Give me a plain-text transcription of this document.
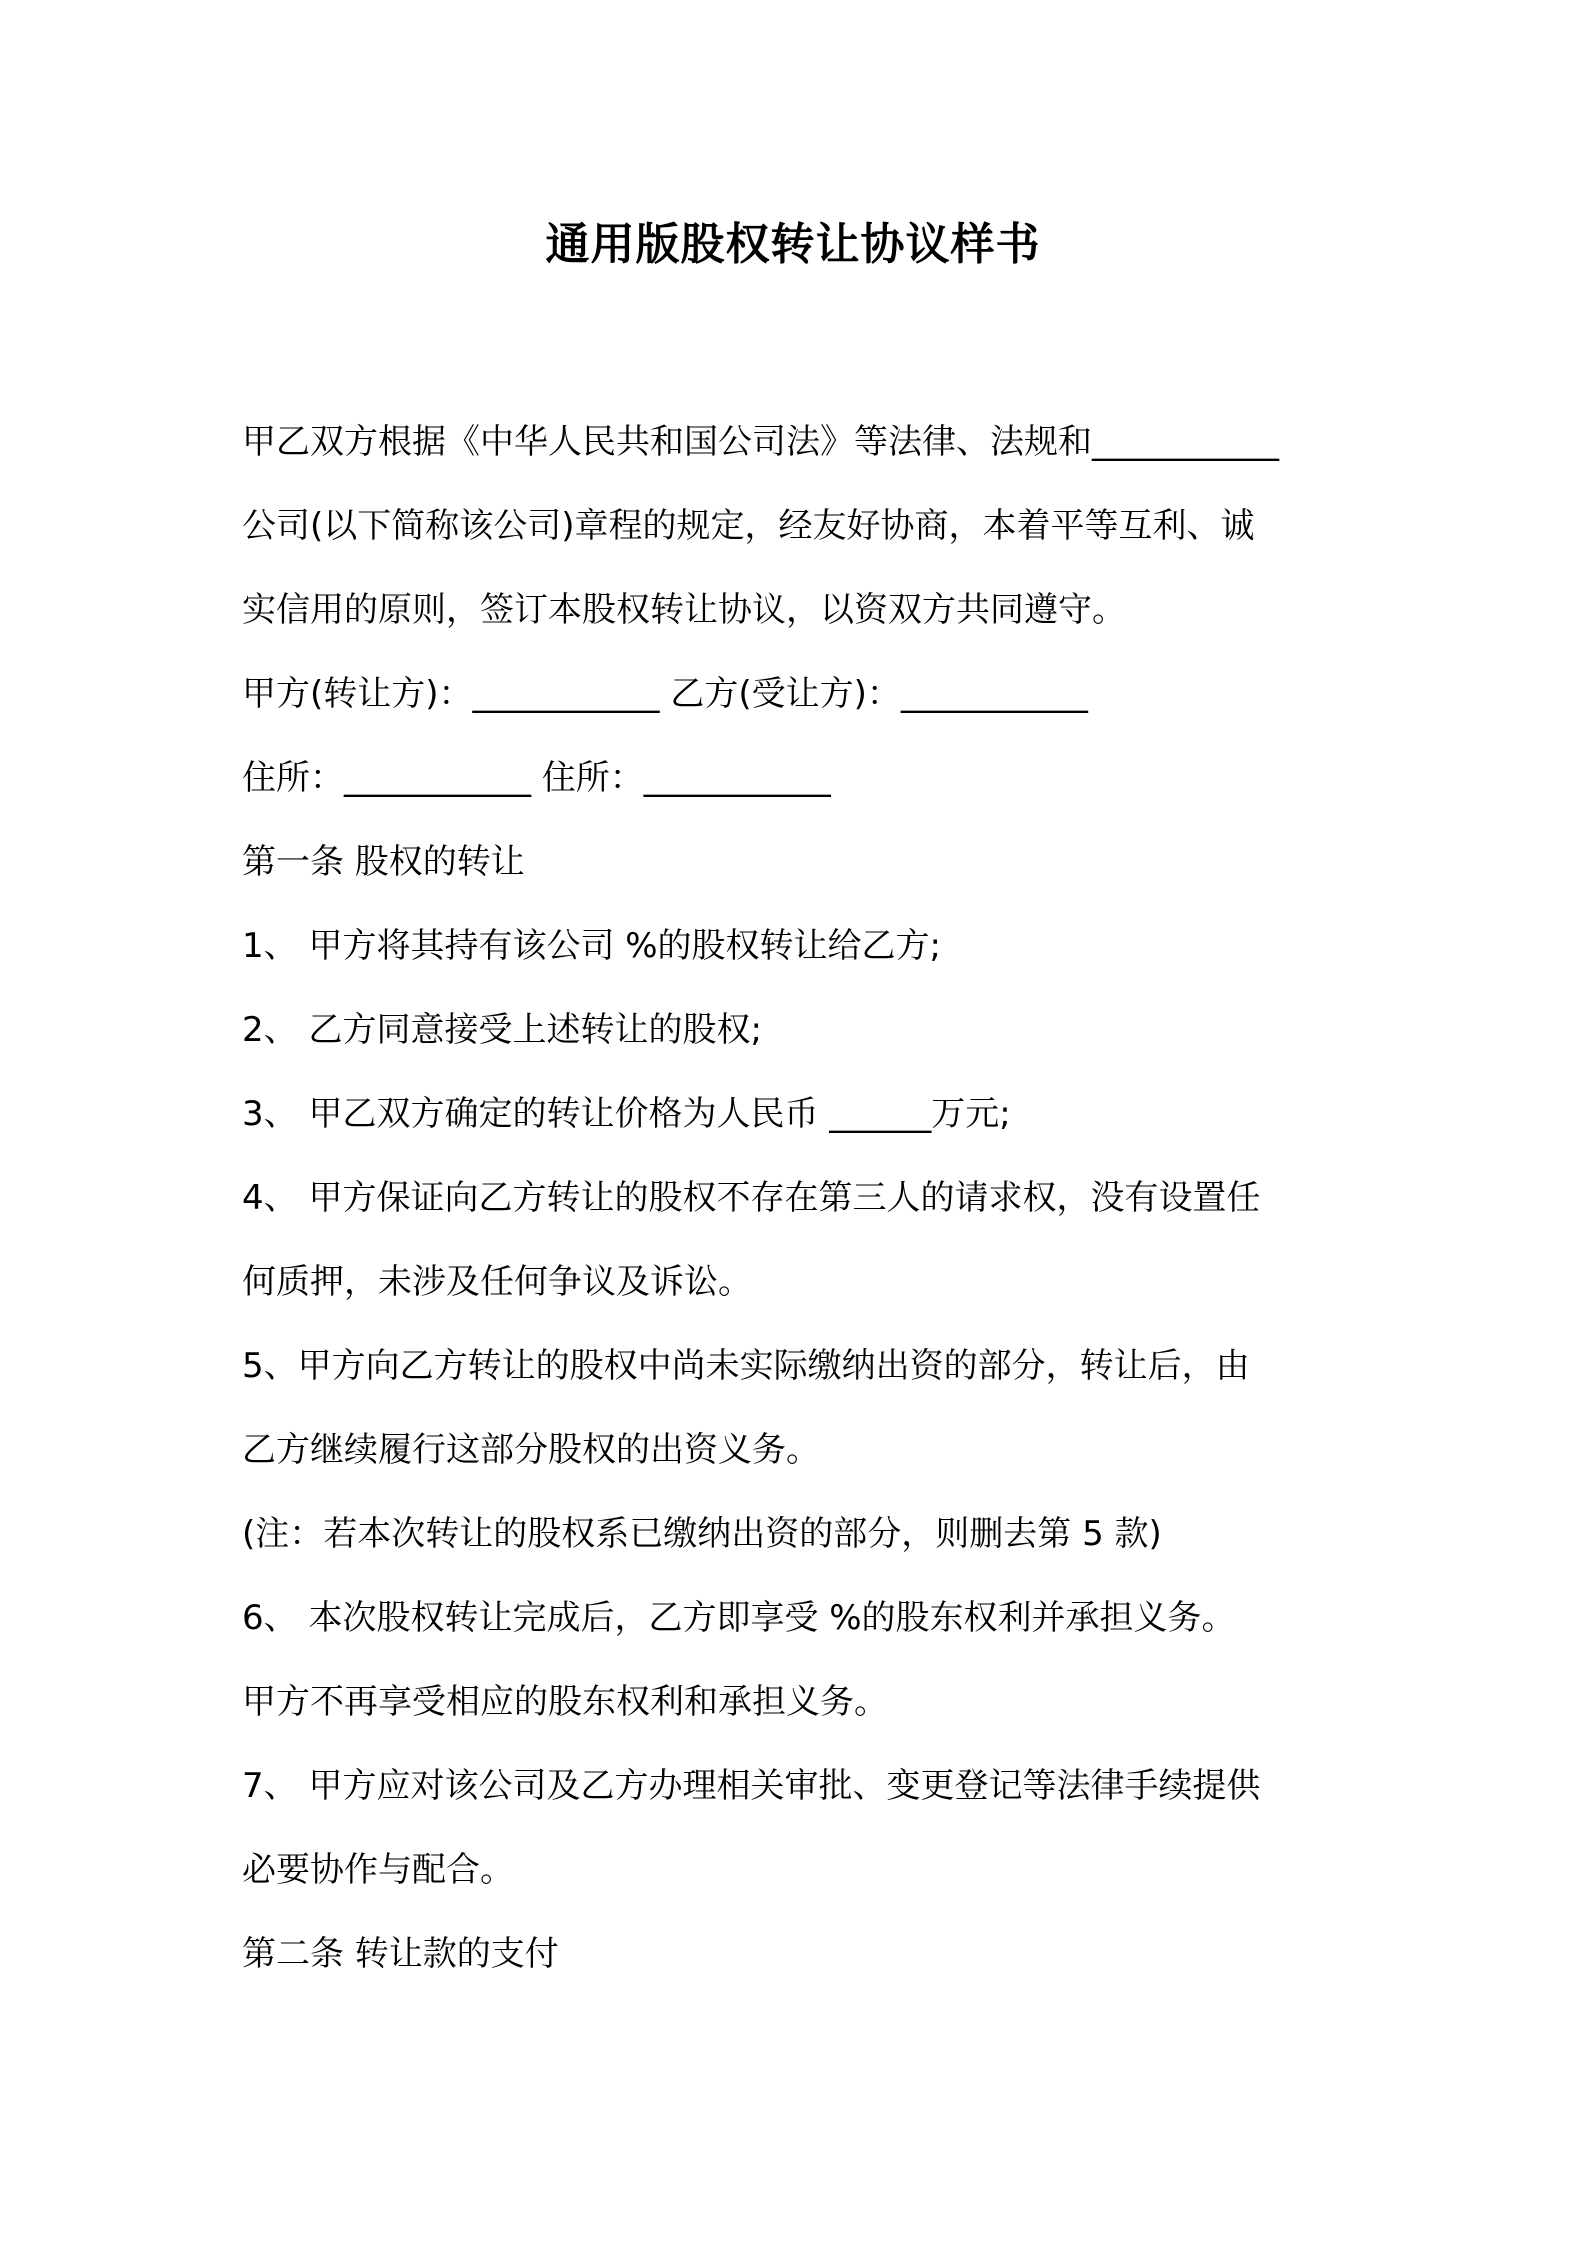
通用版股权转让协议样书
甲乙双方根据《中华人民共和国公司法》等法律、法规和___________
公司(以下简称该公司)章程的规定，经友好协商，本着平等互利、诚
实信用的原则，签订本股权转让协议，以资双方共同遵守。
甲方(转让方)：___________ 乙方(受让方)：___________
住所：___________ 住所：___________
第一条 股权的转让
1、 甲方将其持有该公司 %的股权转让给乙方;
2、 乙方同意接受上述转让的股权;
3、 甲乙双方确定的转让价格为人民币 ______万元;
4、 甲方保证向乙方转让的股权不存在第三人的请求权，没有设置任
何质押，未涉及任何争议及诉讼。
5、甲方向乙方转让的股权中尚未实际缴纳出资的部分，转让后，由
乙方继续履行这部分股权的出资义务。
(注：若本次转让的股权系已缴纳出资的部分，则删去第 5 款)
6、 本次股权转让完成后，乙方即享受 %的股东权利并承担义务。
甲方不再享受相应的股东权利和承担义务。
7、 甲方应对该公司及乙方办理相关审批、变更登记等法律手续提供
必要协作与配合。
第二条 转让款的支付
